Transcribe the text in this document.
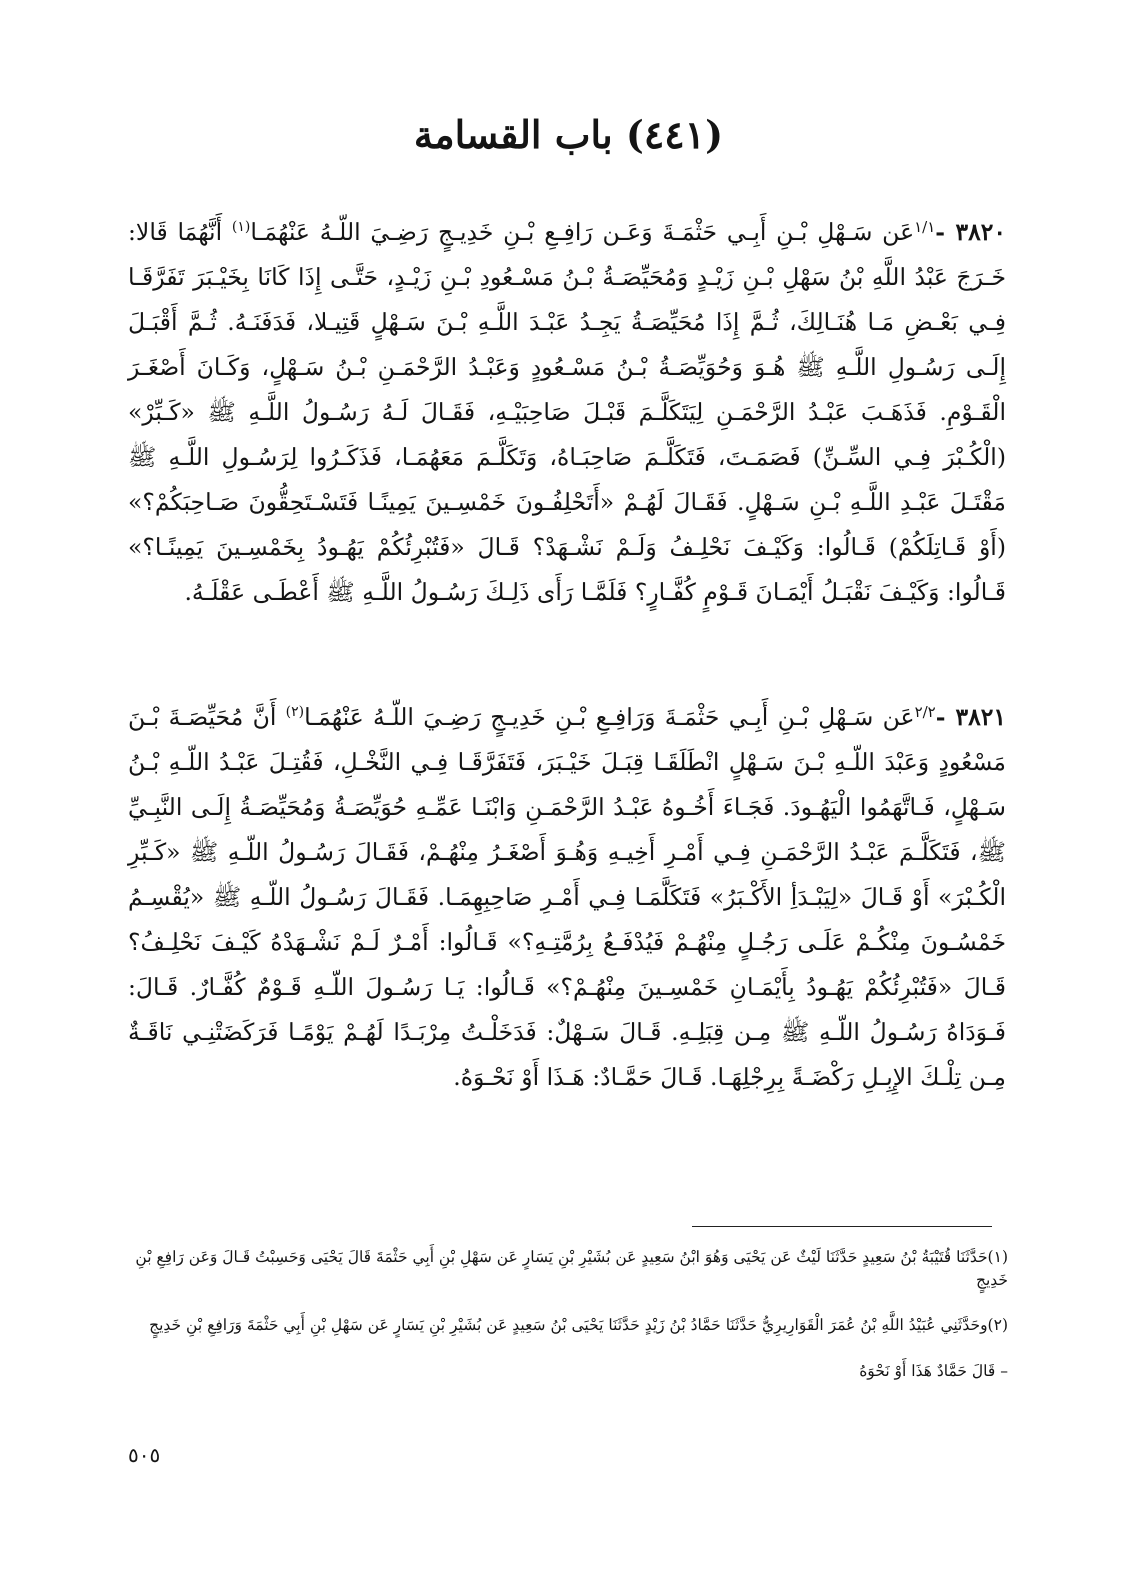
(٤٤١) باب القسامة
٣٨٢٠ -$^{١/١}$عَن سَـهْلِ بْـنِ أَبِـي حَثْمَـةَ وَعَـن رَافِـعِ بْـنِ خَدِيـجٍ رَضِـيَ اللّـهُ عَنْهُمَـا$^{(١)}$ أَنَّهُمَا قَالا: خَـرَجَ عَبْدُ اللَّهِ بْنُ سَهْلِ بْـنِ زَيْـدٍ وَمُحَيِّصَـةُ بْـنُ مَسْـعُودِ بْـنِ زَيْـدٍ، حَتَّـى إِذَا كَانَا بِخَيْـبَرَ تَفَرَّقَـا فِـي بَعْـضِ مَـا هُنَـالِكَ، ثُـمَّ إِذَا مُحَيِّصَـةُ يَجِـدُ عَبْـدَ اللَّـهِ بْـنَ سَـهْلٍ قَتِيـلا، فَدَفَنَـهُ. ثُـمَّ أَقْبَـلَ إِلَـى رَسُـولِ اللَّـهِ ﷺ هُـوَ وَحُوَيِّصَـةُ بْـنُ مَسْـعُودٍ وَعَبْـدُ الرَّحْمَـنِ بْـنُ سَـهْلٍ، وَكَـانَ أَصْغَـرَ الْقَـوْمِ. فَذَهَـبَ عَبْـدُ الرَّحْمَـنِ لِيَتَكَلَّـمَ قَبْـلَ صَاحِبَيْـهِ، فَقَـالَ لَـهُ رَسُـولُ اللَّـهِ ﷺ «كَـبِّرْ» (الْكُـبْرَ فِـي السِّـنِّ) فَصَمَـتَ، فَتَكَلَّـمَ صَاحِبَـاهُ، وَتَكَلَّـمَ مَعَهُمَـا، فَذَكَـرُوا لِرَسُـولِ اللَّـهِ ﷺ مَقْتَـلَ عَبْـدِ اللَّـهِ بْـنِ سَـهْلٍ. فَقَـالَ لَهُـمْ «أَتَحْلِفُـونَ خَمْسِـينَ يَمِينًـا فَتَسْـتَحِقُّونَ صَـاحِبَكُمْ؟» (أَوْ قَـاتِلَكُمْ) قَـالُوا: وَكَيْـفَ نَحْلِـفُ وَلَـمْ نَشْـهَدْ؟ قَـالَ «فَتُبْرِئُكُمْ يَهُـودُ بِخَمْسِـينَ يَمِينًـا؟» قَـالُوا: وَكَيْـفَ نَقْبَـلُ أَيْمَـانَ قَـوْمٍ كُفَّـارٍ؟ فَلَمَّـا رَأَى ذَلِـكَ رَسُـولُ اللَّـهِ ﷺ أَعْطَـى عَقْلَـهُ.
٣٨٢١ -$^{٢/٢}$عَن سَـهْلِ بْـنِ أَبِـي حَثْمَـةَ وَرَافِـعِ بْـنِ خَدِيـجٍ رَضِـيَ اللّـهُ عَنْهُمَـا$^{(٢)}$ أَنَّ مُحَيِّصَـةَ بْـنَ مَسْعُودٍ وَعَبْدَ اللّـهِ بْـنَ سَـهْلٍ انْطَلَقَـا قِبَـلَ خَيْـبَرَ، فَتَفَرَّقَـا فِـي النَّخْـلِ، فَقُتِـلَ عَبْـدُ اللّـهِ بْـنُ سَـهْلٍ، فَـاتَّهَمُوا الْيَهُـودَ. فَجَـاءَ أَخُـوهُ عَبْـدُ الرَّحْمَـنِ وَابْنَـا عَمِّـهِ حُوَيِّصَـةُ وَمُحَيِّصَـةُ إِلَـى النَّبِـيِّ ﷺ، فَتَكَلَّـمَ عَبْـدُ الرَّحْمَـنِ فِـي أَمْـرِ أَخِيـهِ وَهُـوَ أَصْغَـرُ مِنْهُـمْ، فَقَـالَ رَسُـولُ اللّـهِ ﷺ «كَـبِّرِ الْكُـبْرَ» أَوْ قَـالَ «لِيَبْـدَأِ الأَكْـبَرُ» فَتَكَلَّمَـا فِـي أَمْـرِ صَاحِبِهِمَـا. فَقَـالَ رَسُـولُ اللّـهِ ﷺ «يُقْسِـمُ خَمْسُـونَ مِنْكُـمْ عَلَـى رَجُـلٍ مِنْهُـمْ فَيُدْفَـعُ بِرُمَّتِـهِ؟» قَـالُوا: أَمْـرٌ لَـمْ نَشْـهَدْهُ كَيْـفَ نَحْلِـفُ؟ قَـالَ «فَتُبْرِئُكُمْ يَهُـودُ بِأَيْمَـانِ خَمْسِـينَ مِنْهُـمْ؟» قَـالُوا: يَـا رَسُـولَ اللّـهِ قَـوْمٌ كُفَّـارٌ. قَـالَ: فَـوَدَاهُ رَسُـولُ اللّـهِ ﷺ مِـن قِبَلِـهِ. قَـالَ سَـهْلٌ: فَدَخَلْـتُ مِرْبَـدًا لَهُـمْ يَوْمًـا فَرَكَضَتْنِـي نَاقَـةٌ مِـن تِلْـكَ الإِبِـلِ رَكْضَـةً بِرِجْلِهَـا. قَـالَ حَمَّـادٌ: هَـذَا أَوْ نَحْـوَهُ.
(١)حَدَّثَنَا قُتَيْبَةُ بْنُ سَعِيدٍ حَدَّثَنَا لَيْثٌ عَن يَحْيَى وَهُوَ ابْنُ سَعِيدٍ عَن بُشَيْرِ بْنِ يَسَارٍ عَن سَهْلِ بْنِ أَبِي حَثْمَةَ قَالَ يَحْيَى وَحَسِبْتُ قَـالَ وَعَن رَافِعِ بْنِ خَدِيجٍ
(٢)وحَدَّثَنِي عُبَيْدُ اللَّهِ بْنُ عُمَرَ الْقَوَارِيرِيُّ حَدَّثَنَا حَمَّادُ بْنُ زَيْدٍ حَدَّثَنَا يَحْيَى بْنُ سَعِيدٍ عَن بُشَيْرِ بْنِ يَسَارٍ عَن سَهْلِ بْنِ أَبِي حَثْمَةَ وَرَافِعِ بْنِ خَدِيجٍ
– قَالَ حَمَّادٌ هَذَا أَوْ نَحْوَهُ
٥٠٥
